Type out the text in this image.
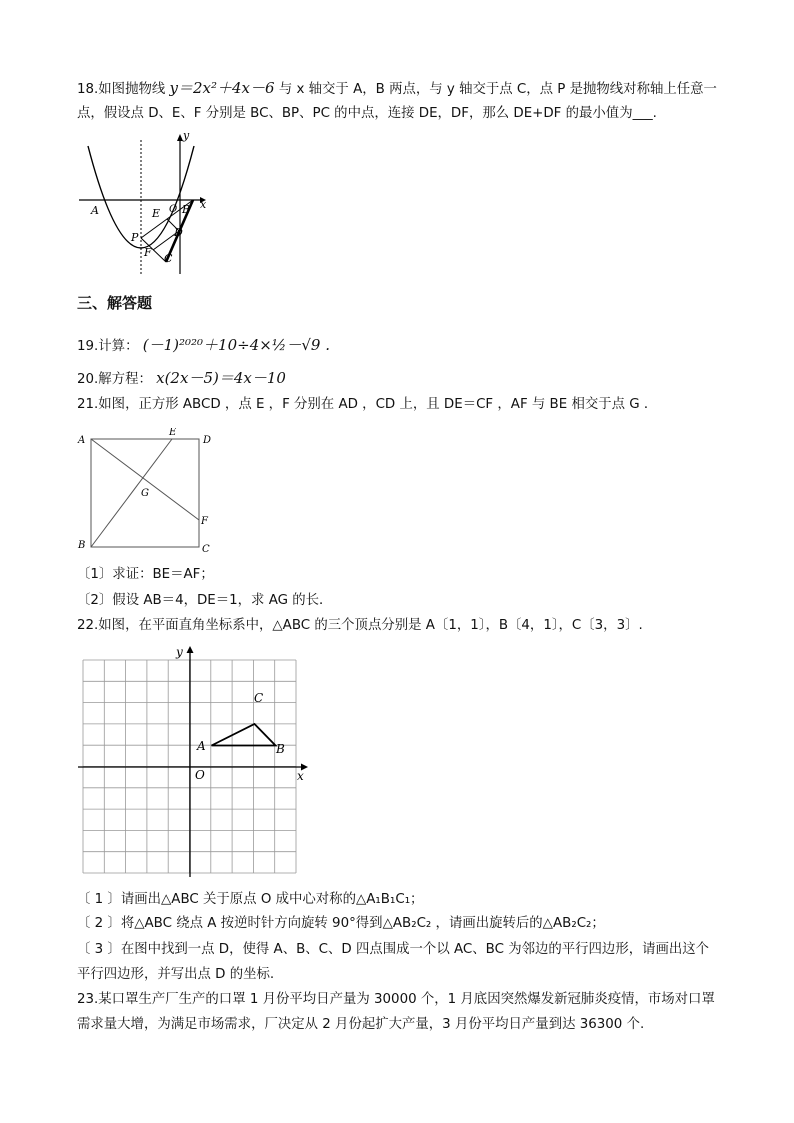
18.如图抛物线 y＝2x²＋4x－6 与 x 轴交于 A，B 两点，与 y 轴交于点 C，点 P 是抛物线对称轴上任意一
点，假设点 D、E、F 分别是 BC、BP、PC 的中点，连接 DE，DF，那么 DE+DF 的最小值为___.
A	B
O
E
P	D
F C
y
x
三、解答题
19.计算： (－1)²⁰²⁰＋10÷4×½－√9 .
20.解方程： x(2x－5)＝4x－10
21.如图，正方形 ABCD ，点 E ，F 分别在 AD ，CD 上，且 DE＝CF ，AF 与 BE 相交于点 G ．
A
E
D
G
F
B	C
〔1〕求证：BE＝AF；
〔2〕假设 AB＝4，DE＝1，求 AG 的长．
22.如图，在平面直角坐标系中，△ABC 的三个顶点分别是 A〔1，1〕，B〔4，1〕，C〔3，3〕.
O
y
x
A	B
C
〔 1 〕请画出△ABC 关于原点 O 成中心对称的△A₁B₁C₁；
〔 2 〕将△ABC 绕点 A 按逆时针方向旋转 90°得到△AB₂C₂ ，请画出旋转后的△AB₂C₂；
〔 3 〕在图中找到一点 D，使得 A、B、C、D 四点围成一个以 AC、BC 为邻边的平行四边形，请画出这个
平行四边形，并写出点 D 的坐标.
23.某口罩生产厂生产的口罩 1 月份平均日产量为 30000 个，1 月底因突然爆发新冠肺炎疫情，市场对口罩
需求量大增，为满足市场需求，厂决定从 2 月份起扩大产量，3 月份平均日产量到达 36300 个.
